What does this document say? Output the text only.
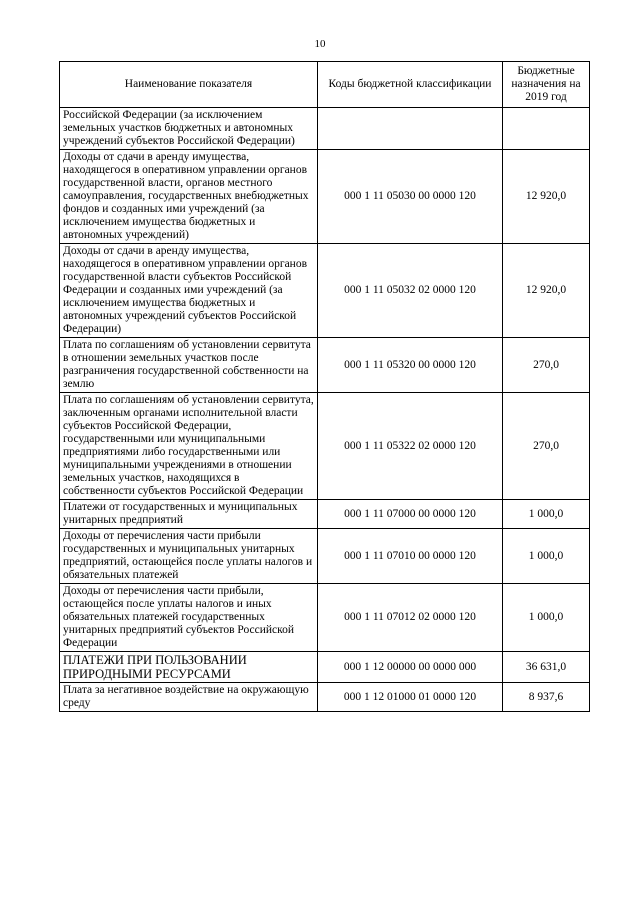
10
Наименование показателя	Коды бюджетной классификации	Бюджетные назначения на 2019 год
Российской Федерации (за исключением земельных участков бюджетных и автономных учреждений субъектов Российской Федерации)		
Доходы от сдачи в аренду имущества, находящегося в оперативном управлении органов государственной власти, органов местного самоуправления, государственных внебюджетных фондов и созданных ими учреждений (за исключением имущества бюджетных и автономных учреждений)	000 1 11 05030 00 0000 120	12 920,0
Доходы от сдачи в аренду имущества, находящегося в оперативном управлении органов государственной власти субъектов Российской Федерации и созданных ими учреждений (за исключением имущества бюджетных и автономных учреждений субъектов Российской Федерации)	000 1 11 05032 02 0000 120	12 920,0
Плата по соглашениям об установлении сервитута в отношении земельных участков после разграничения государственной собственности на землю	000 1 11 05320 00 0000 120	270,0
Плата по соглашениям об установлении сервитута, заключенным органами исполнительной власти субъектов Российской Федерации, государственными или муниципальными предприятиями либо государственными или муниципальными учреждениями в отношении земельных участков, находящихся в собственности субъектов Российской Федерации	000 1 11 05322 02 0000 120	270,0
Платежи от государственных и муниципальных унитарных предприятий	000 1 11 07000 00 0000 120	1 000,0
Доходы от перечисления части прибыли государственных и муниципальных унитарных предприятий, остающейся после уплаты налогов и обязательных платежей	000 1 11 07010 00 0000 120	1 000,0
Доходы от перечисления части прибыли, остающейся после уплаты налогов и иных обязательных платежей государственных унитарных предприятий субъектов Российской Федерации	000 1 11 07012 02 0000 120	1 000,0
ПЛАТЕЖИ ПРИ ПОЛЬЗОВАНИИ ПРИРОДНЫМИ РЕСУРСАМИ	000 1 12 00000 00 0000 000	36 631,0
Плата за негативное воздействие на окружающую среду	000 1 12 01000 01 0000 120	8 937,6
